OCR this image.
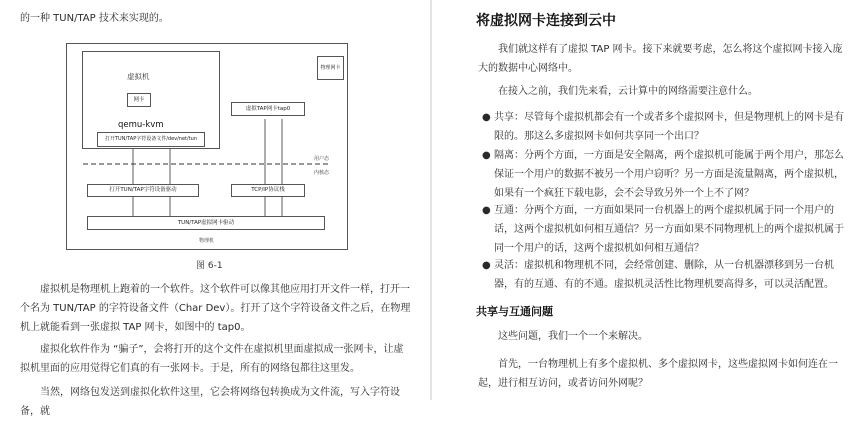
的一种 TUN/TAP 技术来实现的。

虚拟机
网卡
qemu-kvm
打开TUN/TAP字符设备文件/dev/net/tun
物理网卡
虚拟TAP网卡tap0
用户态
内核态
打开TUN/TAP字符设备驱动	TCP/IP协议栈
TUN/TAP虚拟网卡驱动
物理机
图 6-1

虚拟机是物理机上跑着的一个软件。这个软件可以像其他应用打开文件一样，打开一个名为 TUN/TAP 的字符设备文件（Char Dev）。打开了这个字符设备文件之后，在物理机上就能看到一张虚拟 TAP 网卡，如图中的 tap0。

虚拟化软件作为 “骗子”，会将打开的这个文件在虚拟机里面虚拟成一张网卡，让虚拟机里面的应用觉得它们真的有一张网卡。于是，所有的网络包都往这里发。

当然，网络包发送到虚拟化软件这里，它会将网络包转换成为文件流，写入字符设备，就

将虚拟网卡连接到云中

我们就这样有了虚拟 TAP 网卡。接下来就要考虑，怎么将这个虚拟网卡接入庞大的数据中心网络中。

在接入之前，我们先来看，云计算中的网络需要注意什么。

● 共享：尽管每个虚拟机都会有一个或者多个虚拟网卡，但是物理机上的网卡是有限的。那这么多虚拟网卡如何共享同一个出口？
● 隔离：分两个方面，一方面是安全隔离，两个虚拟机可能属于两个用户，那怎么保证一个用户的数据不被另一个用户窃听？另一方面是流量隔离，两个虚拟机，如果有一个疯狂下载电影，会不会导致另外一个上不了网？
● 互通：分两个方面，一方面如果同一台机器上的两个虚拟机属于同一个用户的话，这两个虚拟机如何相互通信？另一方面如果不同物理机上的两个虚拟机属于同一个用户的话，这两个虚拟机如何相互通信？
● 灵活：虚拟机和物理机不同，会经常创建、删除，从一台机器漂移到另一台机器，有的互通、有的不通。虚拟机灵活性比物理机要高得多，可以灵活配置。
共享与互通问题

这些问题，我们一个一个来解决。

首先，一台物理机上有多个虚拟机、多个虚拟网卡，这些虚拟网卡如何连在一起，进行相互访问，或者访问外网呢？
